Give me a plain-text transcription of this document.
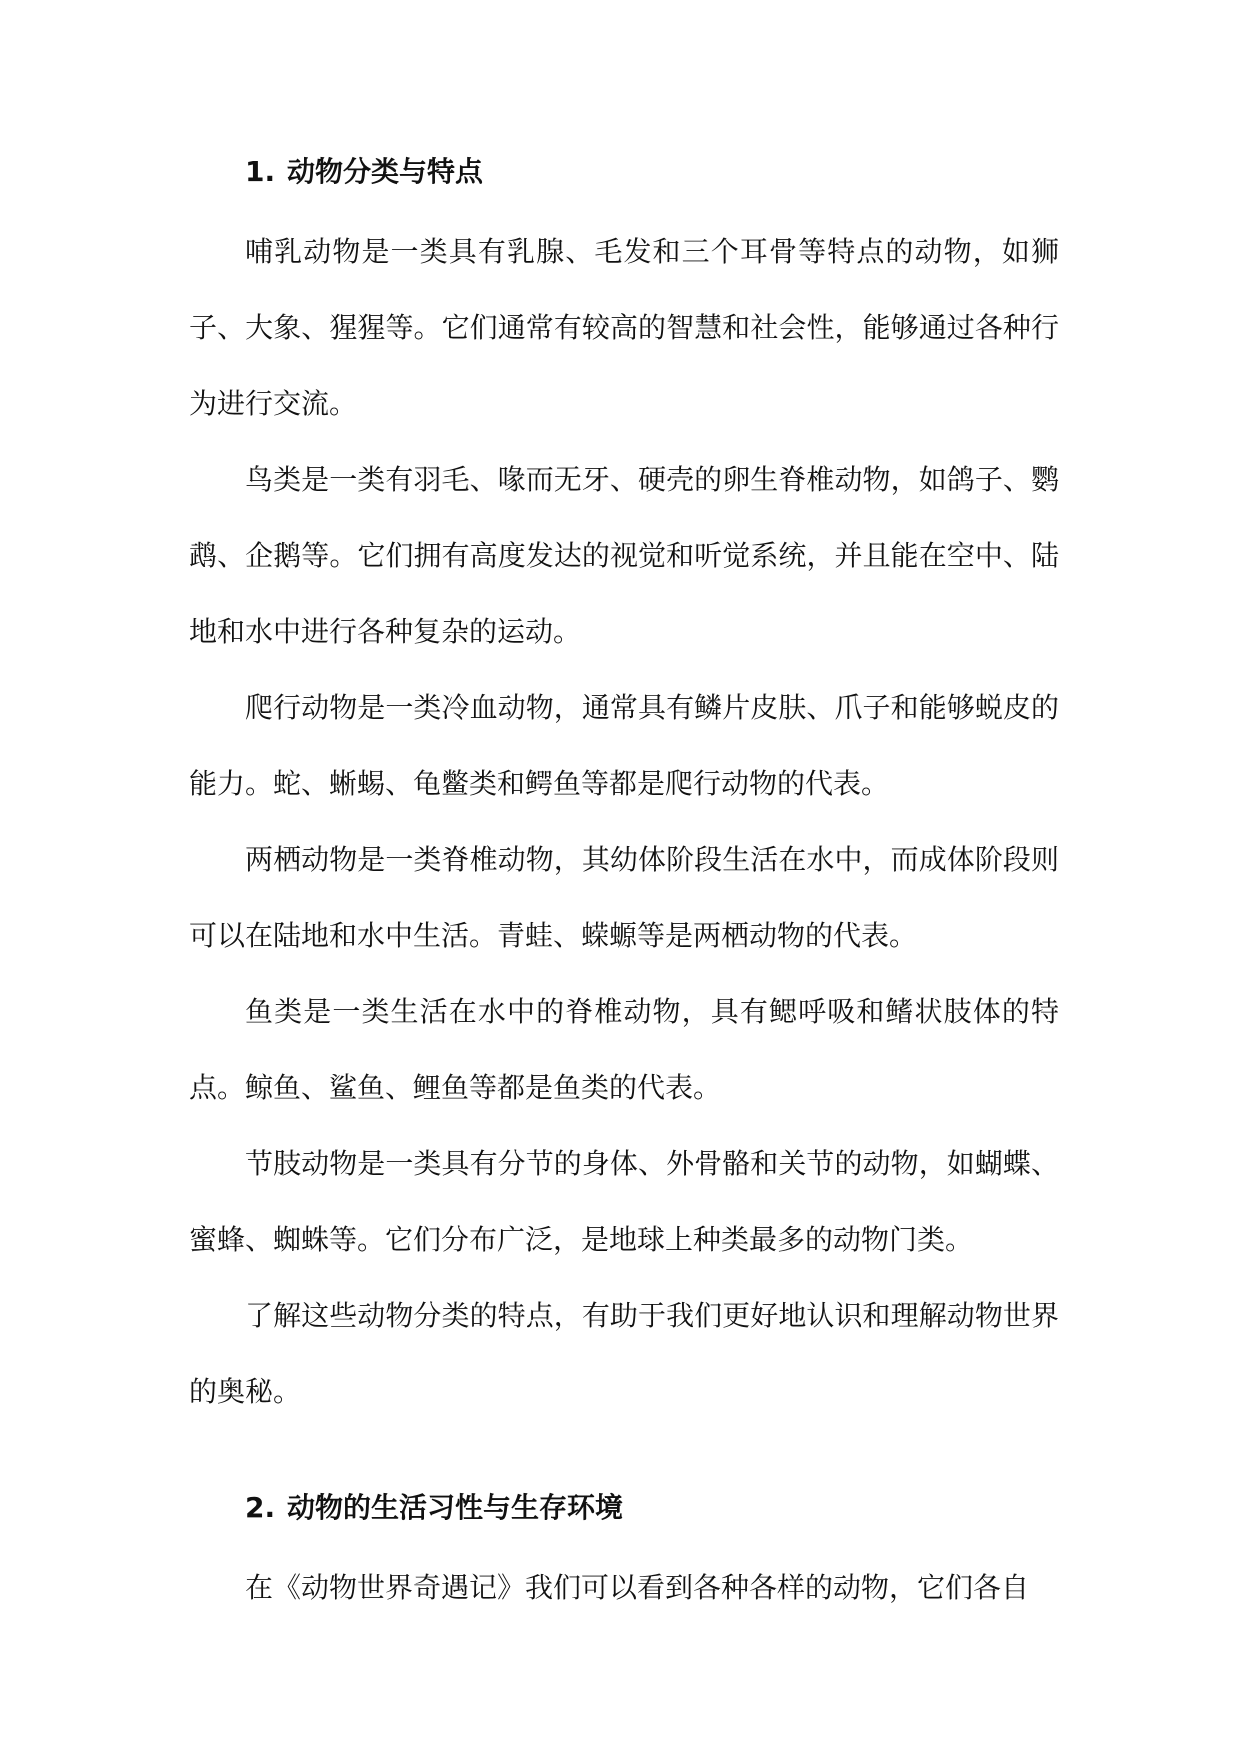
1. 动物分类与特点

哺乳动物是一类具有乳腺、毛发和三个耳骨等特点的动物，如狮子、大象、猩猩等。它们通常有较高的智慧和社会性，能够通过各种行为进行交流。

鸟类是一类有羽毛、喙而无牙、硬壳的卵生脊椎动物，如鸽子、鹦鹉、企鹅等。它们拥有高度发达的视觉和听觉系统，并且能在空中、陆地和水中进行各种复杂的运动。

爬行动物是一类冷血动物，通常具有鳞片皮肤、爪子和能够蜕皮的能力。蛇、蜥蜴、龟鳖类和鳄鱼等都是爬行动物的代表。

两栖动物是一类脊椎动物，其幼体阶段生活在水中，而成体阶段则可以在陆地和水中生活。青蛙、蝾螈等是两栖动物的代表。

鱼类是一类生活在水中的脊椎动物，具有鳃呼吸和鳍状肢体的特点。鲸鱼、鲨鱼、鲤鱼等都是鱼类的代表。

节肢动物是一类具有分节的身体、外骨骼和关节的动物，如蝴蝶、蜜蜂、蜘蛛等。它们分布广泛，是地球上种类最多的动物门类。

了解这些动物分类的特点，有助于我们更好地认识和理解动物世界的奥秘。

2. 动物的生活习性与生存环境

在《动物世界奇遇记》我们可以看到各种各样的动物，它们各自
